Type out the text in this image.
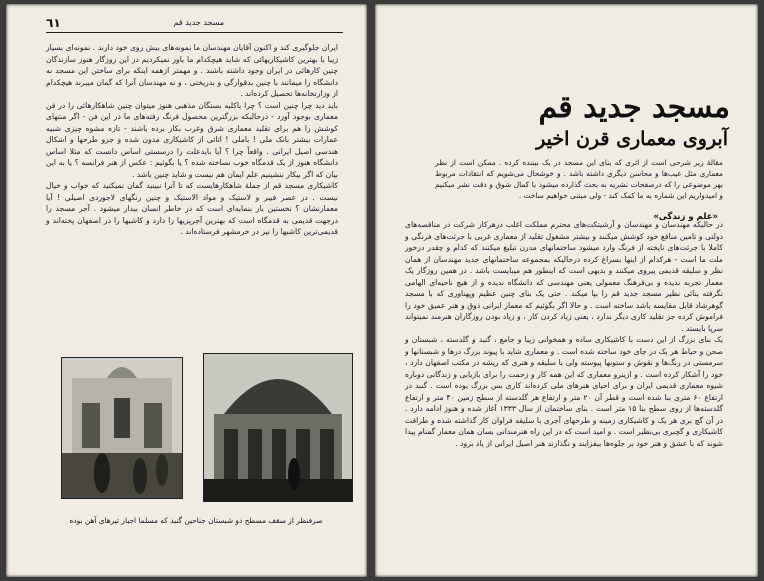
٦١	مسجد جدید قم

ایران جلوگیری کند و اکنون آقایان مهندسان ما نمونه‌های بیش روی خود دارند . نمونه‌ای بسیار زیبا با بهترین کاشیکاریهائی که شاید هیچکدام ما باور نمیکردیم در این روزگار هنوز سازندگان چنین کارهائی در ایران وجود داشته باشند . و مهمتر ازهمه اینکه برای ساختن این مسجد نه دانشگاه را میمانند با چنین بدقوارگی و بدریختی ، و نه مهندسان آنرا که گمان میبرند هیچکدام از وزارتخانه‌ها تحصیل کرده‌اند .

باید دید چرا چنین است ؟ چرا باکلیه بستگان مذهبی هنوز میتوان چنین شاهکارهائی را در فن معماری بوجود آورد - درحالیکه بزرگترین محصول فرنگ رفته‌های ما در این فن - اگر منتهای کوشش را هم برای تقلید معماری شرق وغرب بکار برده باشند - تازه مشوه چیزی شبیه عمارات بیشتر بانک ملی ! باملی ! اثاثی از کاشیکاری مدون شده و جزو طرحها و اشکال هندسی اصیل ایرانی . واقعاً چرا ؟ آیا بایدعلت را درسستی اساس دانست که مثلا اساس دانشگاه هنوز از یک قدمگاه خوب نساخته شده ؟ یا بگوئیم : عکس از هنر فرانسه ؟ یا به این بیان که اگر بیکار بنشینیم علم ایمان هم نیست و شاید چنین باشد .

کاشیکاری مسجد قم از جملهٔ شاهکارهایست که تا آنرا نبینید گمان نمیکنید که خواب و خیال نیست . در عصر فیبر و لاستیک و مواد الاستیک و چنین رنگهای لاجوردی اصیلی ! آیا معمارنشان ؟ نخستین بار بنمایه‌ای است که در خاطر انسان بیدار میشود . آجر مسجد را درجهت قدیمی به قدمگاه است که بهترین آجرپزیها را دارد و کاشیها را در اصفهان پخته‌اند و قدیمی‌ترین کاشیها را نیز در خرمشهر فرستاده‌اند .

صرفنظر از سقف مسطح دو شبستان جناحین گنبد که مسلما اجبار تیرهای آهن بوده
مسجد جدید قم
آبروی معماری قرن اخیر
مقالهٔ زیر شرحی است از اثری که بنای این مسجد در یک بیننده کرده . ممکن است از نظر معماری مثل عیب‌ها و محاسن دیگری داشته باشد . و خوشحال می‌شویم که انتقادات مربوط بهر موضوعی را که درصفحات نشریه به بحث گذارده میشود با کمال شوق و دقت نشر میکنیم و امیدواریم این شماره به ما کمک کند - ولی مبتنی خواهیم ساخت .
«علم و زندگی»

در حالیکه مهندسان و مهندسان و آرشیتکت‌های محترم مملکت اغلب درهرکار شرکت در مناقصه‌های دولتی و تامین منافع خود کوشش میکنند و بیشتر مشغول تقلید از معماری غربی با جرئت‌های فرنگی و کاملا با جرئت‌های ناپخته از فرنگ وارد میشود ساختمانهای مدرن تبلیغ میکنند که کدام و چقدر درخور ملت ما است - هرکدام از اینها بسراغ کرده درحالیکه بمجموعه ساختمانهای جدید مهندسان از همان نظر و سلیقه قدیمی پیروی میکنند و بدیهی است که اینطور هم میبایست باشد . در همین روزگار یک معمار تجربه ندیده و بی‌فرهنگ معمولی یعنی مهندسی که دانشگاه ندیده و از هیچ ناحیه‌ای الهامی نگرفته بنائی نظیر مسجد جدید قم را بپا میکند . حتی یک بنای چنین عظیم وپهناوری که با مسجد گوهرشاد قابل مقایسه باشد ساخته است . و حالا اگر بگوئیم که معمار ایرانی ذوق و هنر عمیق خود را فراموش کرده جز تقلید کاری دیگر ندارد ، یعنی زیاد کردن کار ، و زیاد بودن روزگاران هنرمند نمیتواند سرپا بایستد .

یک بنای بزرگ از این دست با کاشیکاری ساده و همخوانی زیبا و جامع ، گنبد و گلدسته ، شبستان و صحن و حیاط هر یک در جای خود ساخته شده است . و معماری شاید با پیوند بزرگ درها و شبستانها و سرمستی در رنگ‌ها و نقوش و ستونها پیوسته ولی با سلیقه و هنری که ریشه در مکتب اصفهان دارد ، خود را آشکار کرده است . و ازینرو معماری که این همه کار و زحمت را برای بازیابی و زندگانی دوباره شیوه معماری قدیمی ایران و برای احیای هنرهای ملی کرده‌اند کاری بس بزرگ بوده است . گنبد در ارتفاع ۶۰ متری بنا شده است و قطر آن ۲۰ متر و ارتفاع هر گلدسته از سطح زمین ۴۰ متر و ارتفاع گلدسته‌ها از روی سطح بنا ۱۵ متر است . بنای ساختمان از سال ۱۳۳۳ آغاز شده و هنوز ادامه دارد . در آن گچ بری هر یک و کاشیکاری زمینه و طرحهای آجری با سلیقه فراوان کار گذاشته شده و ظرافت کاشیکاری و گچبری بی‌نظیر است . و امید است که در این راه هنرمندانی بسان همان معمار گمنام پیدا شوند که با عشق و هنر خود بر جلوه‌ها بیفزایند و نگذارند هنر اصیل ایرانی از یاد برود .
